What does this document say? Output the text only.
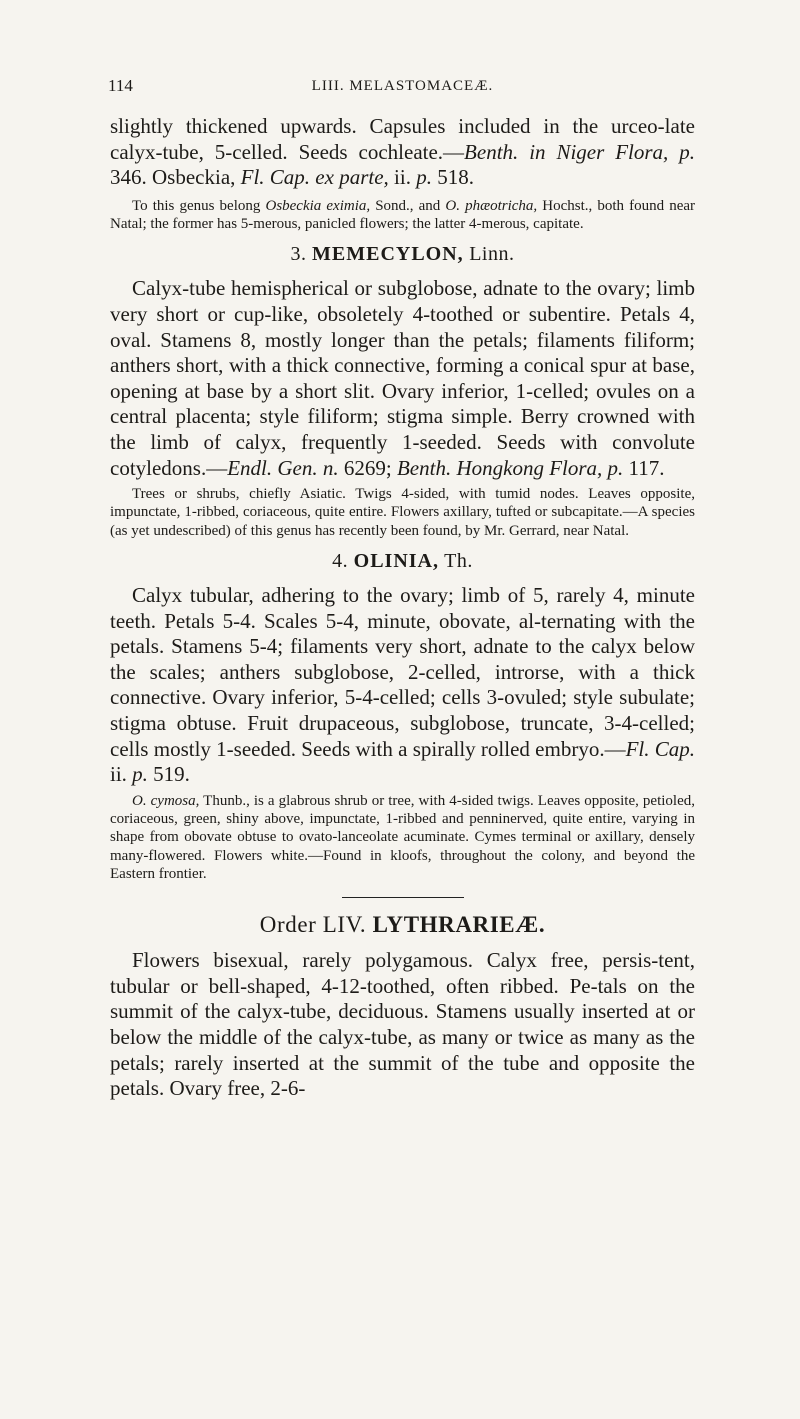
114	LIII. MELASTOMACEÆ.

slightly thickened upwards. Capsules included in the urceo-late calyx-tube, 5-celled. Seeds cochleate.—Benth. in Niger Flora, p. 346. Osbeckia, Fl. Cap. ex parte, ii. p. 518.

To this genus belong Osbeckia eximia, Sond., and O. phæotricha, Hochst., both found near Natal; the former has 5-merous, panicled flowers; the latter 4-merous, capitate.

3. MEMECYLON, Linn.

Calyx-tube hemispherical or subglobose, adnate to the ovary; limb very short or cup-like, obsoletely 4-toothed or subentire. Petals 4, oval. Stamens 8, mostly longer than the petals; filaments filiform; anthers short, with a thick connective, forming a conical spur at base, opening at base by a short slit. Ovary inferior, 1-celled; ovules on a central placenta; style filiform; stigma simple. Berry crowned with the limb of calyx, frequently 1-seeded. Seeds with convolute cotyledons.—Endl. Gen. n. 6269; Benth. Hongkong Flora, p. 117.

Trees or shrubs, chiefly Asiatic. Twigs 4-sided, with tumid nodes. Leaves opposite, impunctate, 1-ribbed, coriaceous, quite entire. Flowers axillary, tufted or subcapitate.—A species (as yet undescribed) of this genus has recently been found, by Mr. Gerrard, near Natal.

4. OLINIA, Th.

Calyx tubular, adhering to the ovary; limb of 5, rarely 4, minute teeth. Petals 5-4. Scales 5-4, minute, obovate, al-ternating with the petals. Stamens 5-4; filaments very short, adnate to the calyx below the scales; anthers subglobose, 2-celled, introrse, with a thick connective. Ovary inferior, 5-4-celled; cells 3-ovuled; style subulate; stigma obtuse. Fruit drupaceous, subglobose, truncate, 3-4-celled; cells mostly 1-seeded. Seeds with a spirally rolled embryo.—Fl. Cap. ii. p. 519.

O. cymosa, Thunb., is a glabrous shrub or tree, with 4-sided twigs. Leaves opposite, petioled, coriaceous, green, shiny above, impunctate, 1-ribbed and penninerved, quite entire, varying in shape from obovate obtuse to ovato-lanceolate acuminate. Cymes terminal or axillary, densely many-flowered. Flowers white.—Found in kloofs, throughout the colony, and beyond the Eastern frontier.

Order LIV. LYTHRARIEÆ.

Flowers bisexual, rarely polygamous. Calyx free, persis-tent, tubular or bell-shaped, 4-12-toothed, often ribbed. Pe-tals on the summit of the calyx-tube, deciduous. Stamens usually inserted at or below the middle of the calyx-tube, as many or twice as many as the petals; rarely inserted at the summit of the tube and opposite the petals. Ovary free, 2-6-
